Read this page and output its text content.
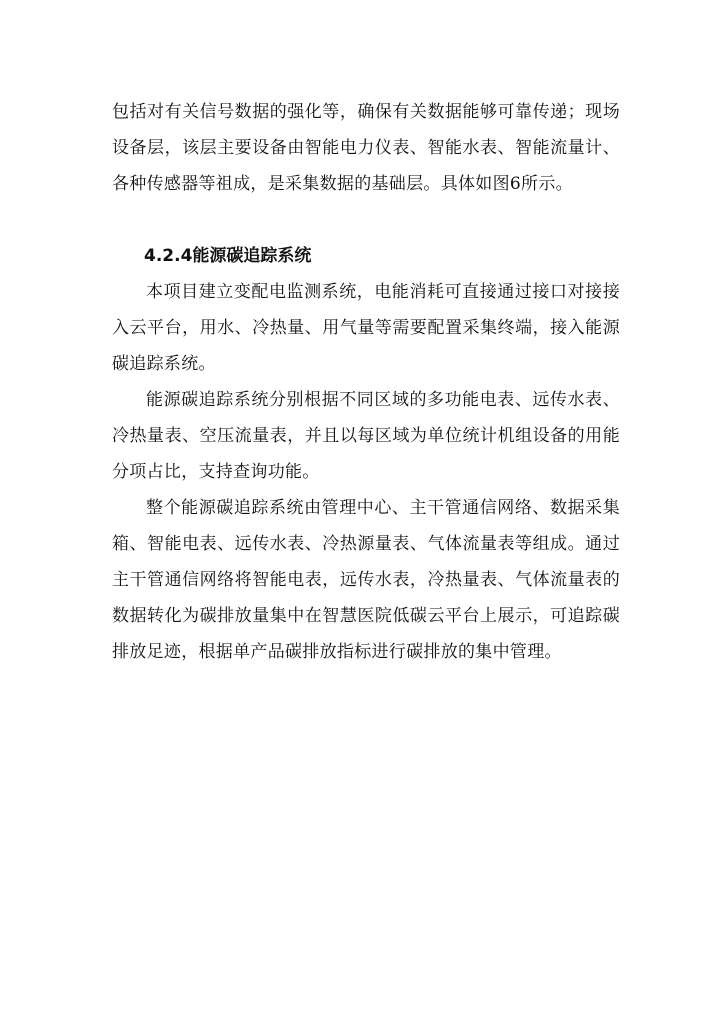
包括对有关信号数据的强化等，确保有关数据能够可靠传递；现场设备层，该层主要设备由智能电力仪表、智能水表、智能流量计、各种传感器等祖成，是采集数据的基础层。具体如图6所示。

4.2.4能源碳追踪系统

本项目建立变配电监测系统，电能消耗可直接通过接口对接接入云平台，用水、冷热量、用气量等需要配置采集终端，接入能源碳追踪系统。

能源碳追踪系统分别根据不同区域的多功能电表、远传水表、冷热量表、空压流量表，并且以每区域为单位统计机组设备的用能分项占比，支持查询功能。

整个能源碳追踪系统由管理中心、主干管通信网络、数据采集箱、智能电表、远传水表、冷热源量表、气体流量表等组成。通过主干管通信网络将智能电表，远传水表，冷热量表、气体流量表的数据转化为碳排放量集中在智慧医院低碳云平台上展示，可追踪碳排放足迹，根据单产品碳排放指标进行碳排放的集中管理。
